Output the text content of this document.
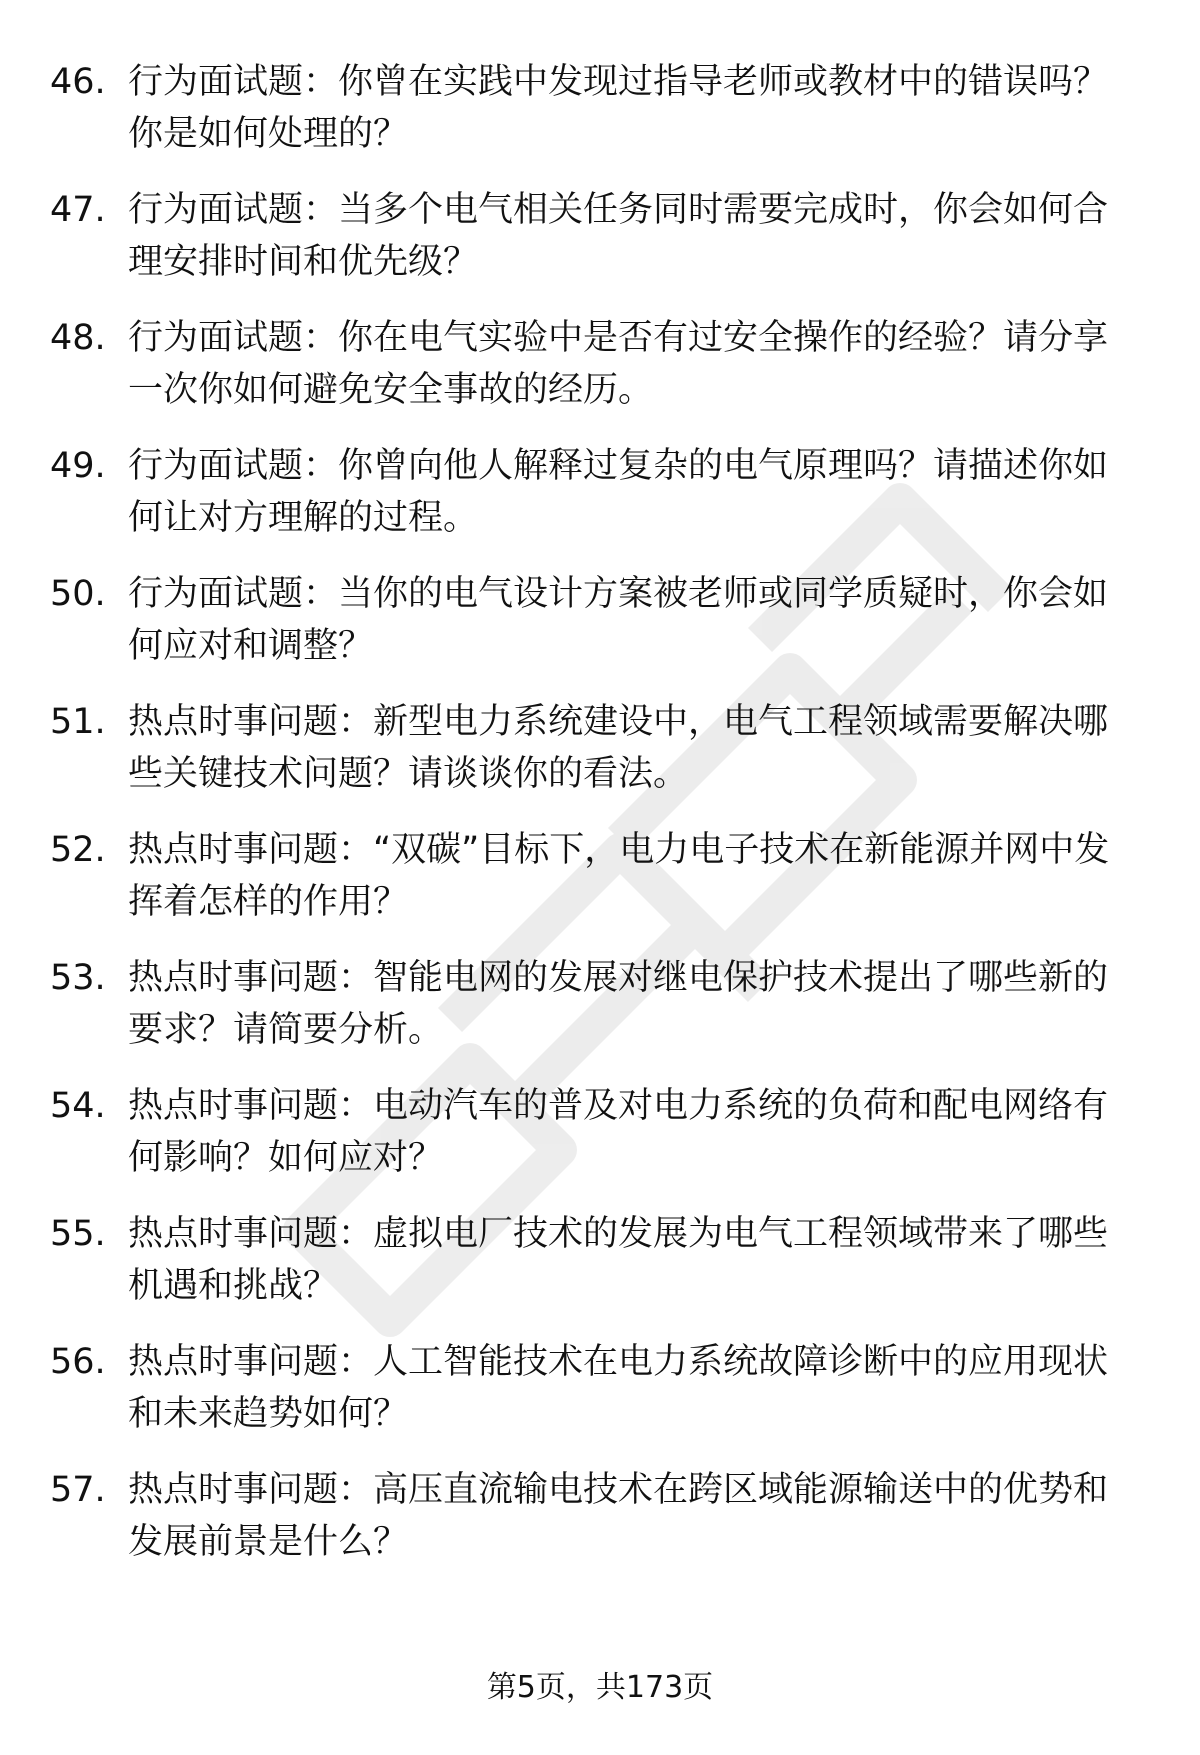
46. 行为面试题：你曾在实践中发现过指导老师或教材中的错误吗？你是如何处理的？

47. 行为面试题：当多个电气相关任务同时需要完成时，你会如何合理安排时间和优先级？

48. 行为面试题：你在电气实验中是否有过安全操作的经验？请分享一次你如何避免安全事故的经历。

49. 行为面试题：你曾向他人解释过复杂的电气原理吗？请描述你如何让对方理解的过程。

50. 行为面试题：当你的电气设计方案被老师或同学质疑时，你会如何应对和调整？

51. 热点时事问题：新型电力系统建设中，电气工程领域需要解决哪些关键技术问题？请谈谈你的看法。

52. 热点时事问题：“双碳”目标下，电力电子技术在新能源并网中发挥着怎样的作用？

53. 热点时事问题：智能电网的发展对继电保护技术提出了哪些新的要求？请简要分析。

54. 热点时事问题：电动汽车的普及对电力系统的负荷和配电网络有何影响？如何应对？

55. 热点时事问题：虚拟电厂技术的发展为电气工程领域带来了哪些机遇和挑战？

56. 热点时事问题：人工智能技术在电力系统故障诊断中的应用现状和未来趋势如何？

57. 热点时事问题：高压直流输电技术在跨区域能源输送中的优势和发展前景是什么？

第5页，共173页
